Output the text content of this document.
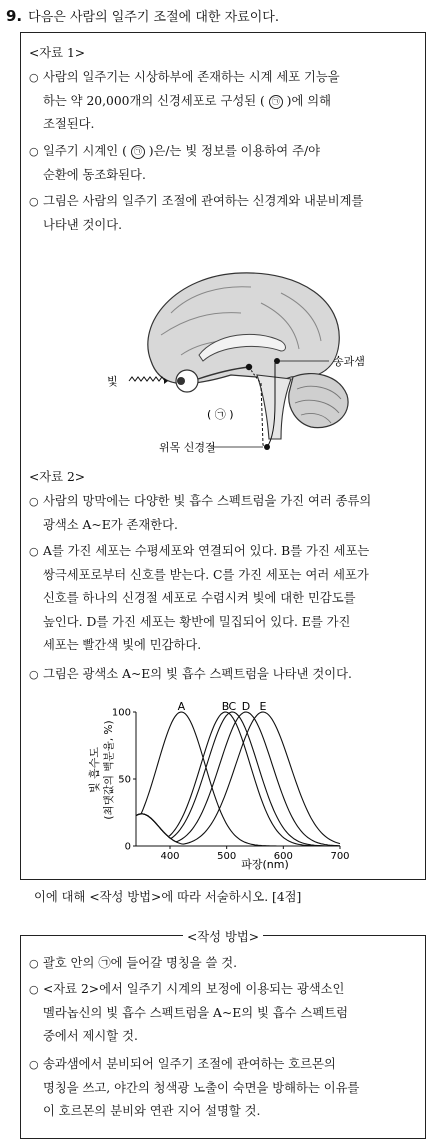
9. 다음은 사람의 일주기 조절에 대한 자료이다.
<자료 1>
○ 사람의 일주기는 시상하부에 존재하는 시계 세포 기능을
하는 약 20,000개의 신경세포로 구성된 ( ㉠ )에 의해
조절된다.
○ 일주기 시계인 ( ㉠ )은/는 빛 정보를 이용하여 주/야
순환에 동조화된다.
○ 그림은 사람의 일주기 조절에 관여하는 신경계와 내분비계를
나타낸 것이다.
빛
송과샘
위목 신경절
( ㉠ )
<자료 2>
○ 사람의 망막에는 다양한 빛 흡수 스펙트럼을 가진 여러 종류의
광색소 A~E가 존재한다.
○ A를 가진 세포는 수평세포와 연결되어 있다. B를 가진 세포는
쌍극세포로부터 신호를 받는다. C를 가진 세포는 여러 세포가
신호를 하나의 신경절 세포로 수렴시켜 빛에 대한 민감도를
높인다. D를 가진 세포는 황반에 밀집되어 있다. E를 가진
세포는 빨간색 빛에 민감하다.
○ 그림은 광색소 A~E의 빛 흡수 스펙트럼을 나타낸 것이다.
400	500	600	700
0
50
100	A	B C D E
빛 흡수도 (최댓값의 백분율, %)
파장(nm)
이에 대해 <작성 방법>에 따라 서술하시오. [4점]
<작성 방법>
○ 괄호 안의 ㉠에 들어갈 명칭을 쓸 것.
○ <자료 2>에서 일주기 시계의 보정에 이용되는 광색소인
멜라놉신의 빛 흡수 스펙트럼을 A~E의 빛 흡수 스펙트럼
중에서 제시할 것.
○ 송과샘에서 분비되어 일주기 조절에 관여하는 호르몬의
명칭을 쓰고, 야간의 청색광 노출이 숙면을 방해하는 이유를
이 호르몬의 분비와 연관 지어 설명할 것.
